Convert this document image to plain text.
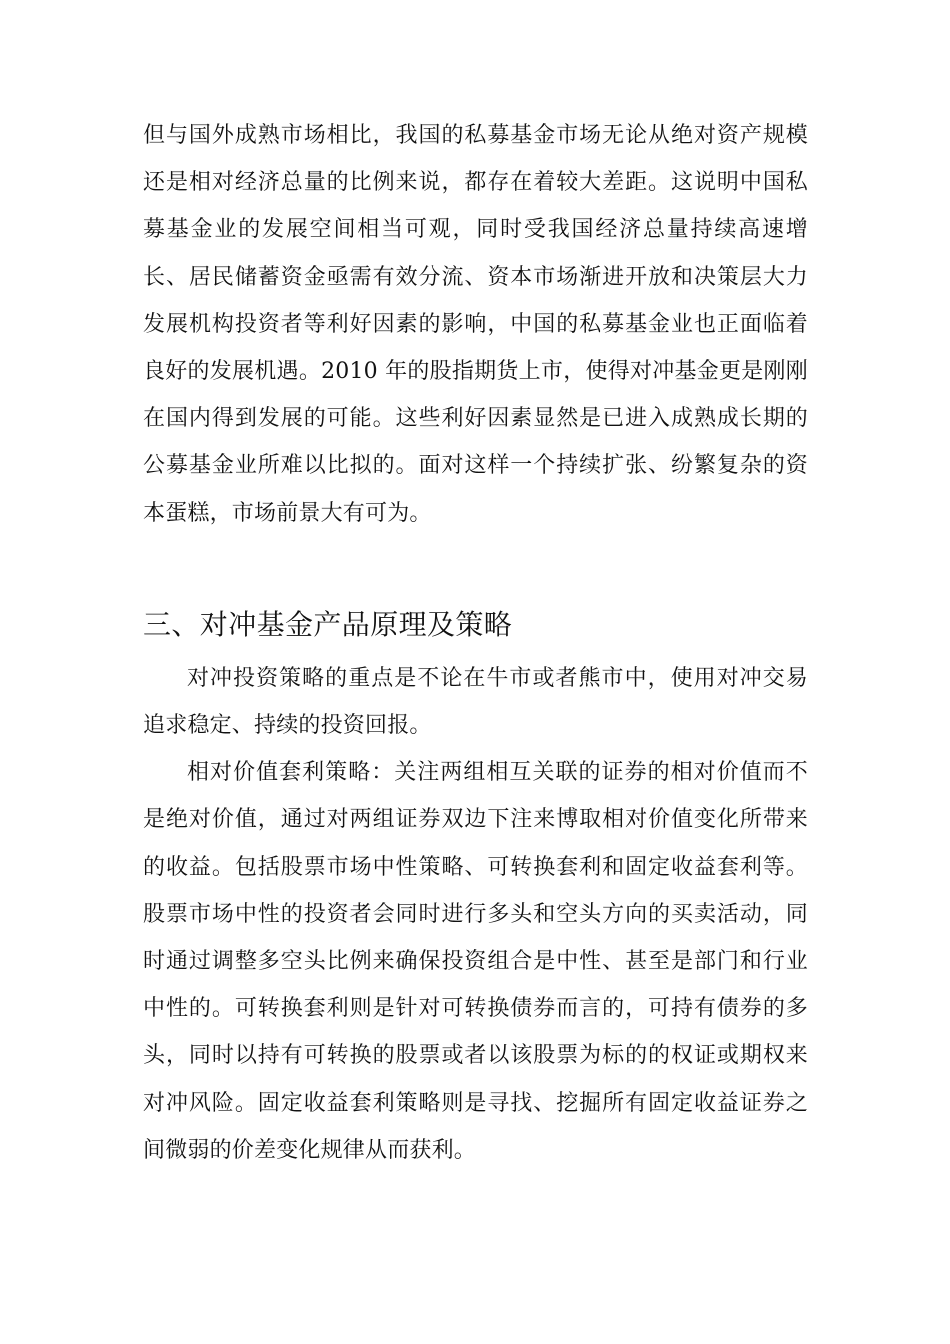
但与国外成熟市场相比，我国的私募基金市场无论从绝对资产规模还是相对经济总量的比例来说，都存在着较大差距。这说明中国私募基金业的发展空间相当可观，同时受我国经济总量持续高速增长、居民储蓄资金亟需有效分流、资本市场渐进开放和决策层大力发展机构投资者等利好因素的影响，中国的私募基金业也正面临着良好的发展机遇。2010 年的股指期货上市，使得对冲基金更是刚刚在国内得到发展的可能。这些利好因素显然是已进入成熟成长期的公募基金业所难以比拟的。面对这样一个持续扩张、纷繁复杂的资本蛋糕，市场前景大有可为。

三、对冲基金产品原理及策略

对冲投资策略的重点是不论在牛市或者熊市中，使用对冲交易追求稳定、持续的投资回报。

相对价值套利策略：关注两组相互关联的证券的相对价值而不是绝对价值，通过对两组证券双边下注来博取相对价值变化所带来的收益。包括股票市场中性策略、可转换套利和固定收益套利等。股票市场中性的投资者会同时进行多头和空头方向的买卖活动，同时通过调整多空头比例来确保投资组合是中性、甚至是部门和行业中性的。可转换套利则是针对可转换债券而言的，可持有债券的多头，同时以持有可转换的股票或者以该股票为标的的权证或期权来对冲风险。固定收益套利策略则是寻找、挖掘所有固定收益证券之间微弱的价差变化规律从而获利。
